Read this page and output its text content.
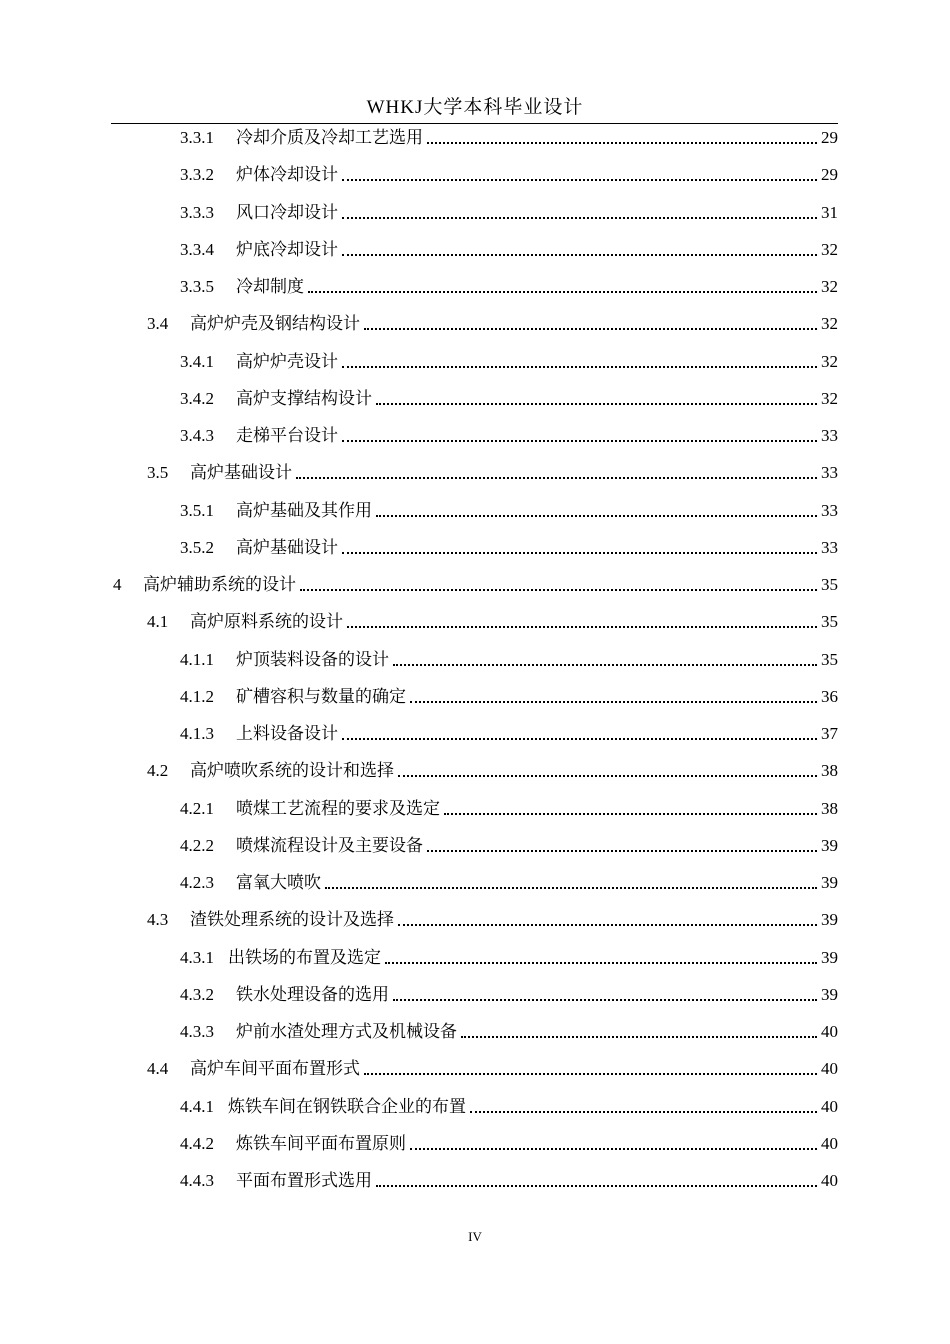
WHKJ大学本科毕业设计
3.3.1	冷却介质及冷却工艺选用	29
3.3.2	炉体冷却设计	29
3.3.3	风口冷却设计	31
3.3.4	炉底冷却设计	32
3.3.5	冷却制度	32
3.4	高炉炉壳及钢结构设计	32
3.4.1	高炉炉壳设计	32
3.4.2	高炉支撑结构设计	32
3.4.3	走梯平台设计	33
3.5	高炉基础设计	33
3.5.1	高炉基础及其作用	33
3.5.2	高炉基础设计	33
4	高炉辅助系统的设计	35
4.1	高炉原料系统的设计	35
4.1.1	炉顶装料设备的设计	35
4.1.2	矿槽容积与数量的确定	36
4.1.3	上料设备设计	37
4.2	高炉喷吹系统的设计和选择	38
4.2.1	喷煤工艺流程的要求及选定	38
4.2.2	喷煤流程设计及主要设备	39
4.2.3	富氧大喷吹	39
4.3	渣铁处理系统的设计及选择	39
4.3.1 出铁场的布置及选定	39
4.3.2	铁水处理设备的选用	39
4.3.3	炉前水渣处理方式及机械设备	40
4.4	高炉车间平面布置形式	40
4.4.1 炼铁车间在钢铁联合企业的布置	40
4.4.2	炼铁车间平面布置原则	40
4.4.3	平面布置形式选用	40
IV
